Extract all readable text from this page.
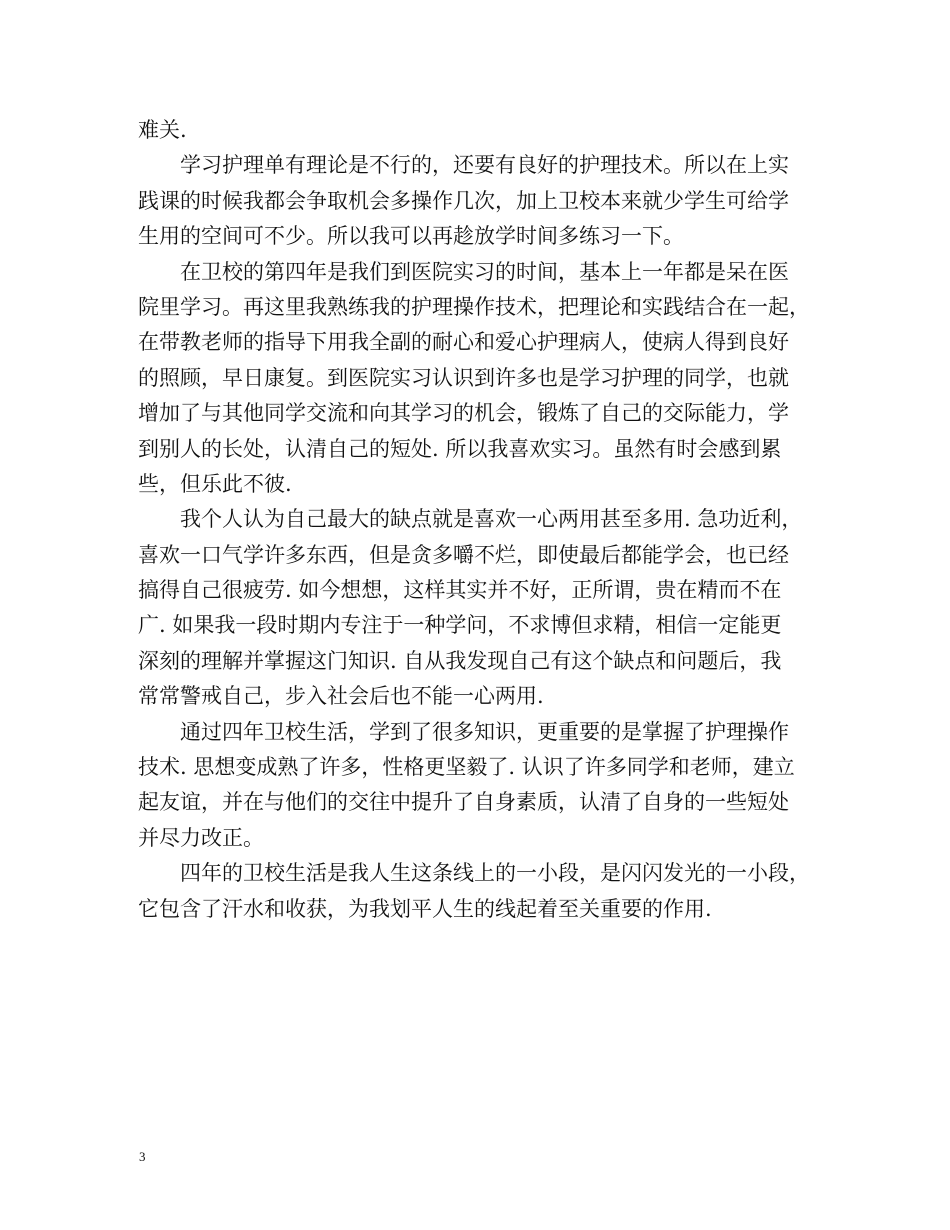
难关.
学习护理单有理论是不行的，还要有良好的护理技术。所以在上实
践课的时候我都会争取机会多操作几次，加上卫校本来就少学生可给学
生用的空间可不少。所以我可以再趁放学时间多练习一下。
在卫校的第四年是我们到医院实习的时间，基本上一年都是呆在医
院里学习。再这里我熟练我的护理操作技术，把理论和实践结合在一起，
在带教老师的指导下用我全副的耐心和爱心护理病人，使病人得到良好
的照顾，早日康复。到医院实习认识到许多也是学习护理的同学，也就
增加了与其他同学交流和向其学习的机会，锻炼了自己的交际能力，学
到别人的长处，认清自己的短处. 所以我喜欢实习。虽然有时会感到累
些，但乐此不彼.
我个人认为自己最大的缺点就是喜欢一心两用甚至多用. 急功近利，
喜欢一口气学许多东西，但是贪多嚼不烂，即使最后都能学会，也已经
搞得自己很疲劳. 如今想想，这样其实并不好，正所谓，贵在精而不在
广. 如果我一段时期内专注于一种学问，不求博但求精，相信一定能更
深刻的理解并掌握这门知识. 自从我发现自己有这个缺点和问题后，我
常常警戒自己，步入社会后也不能一心两用.
通过四年卫校生活，学到了很多知识，更重要的是掌握了护理操作
技术. 思想变成熟了许多，性格更坚毅了. 认识了许多同学和老师，建立
起友谊，并在与他们的交往中提升了自身素质，认清了自身的一些短处
并尽力改正。
四年的卫校生活是我人生这条线上的一小段，是闪闪发光的一小段，
它包含了汗水和收获，为我划平人生的线起着至关重要的作用.
3
